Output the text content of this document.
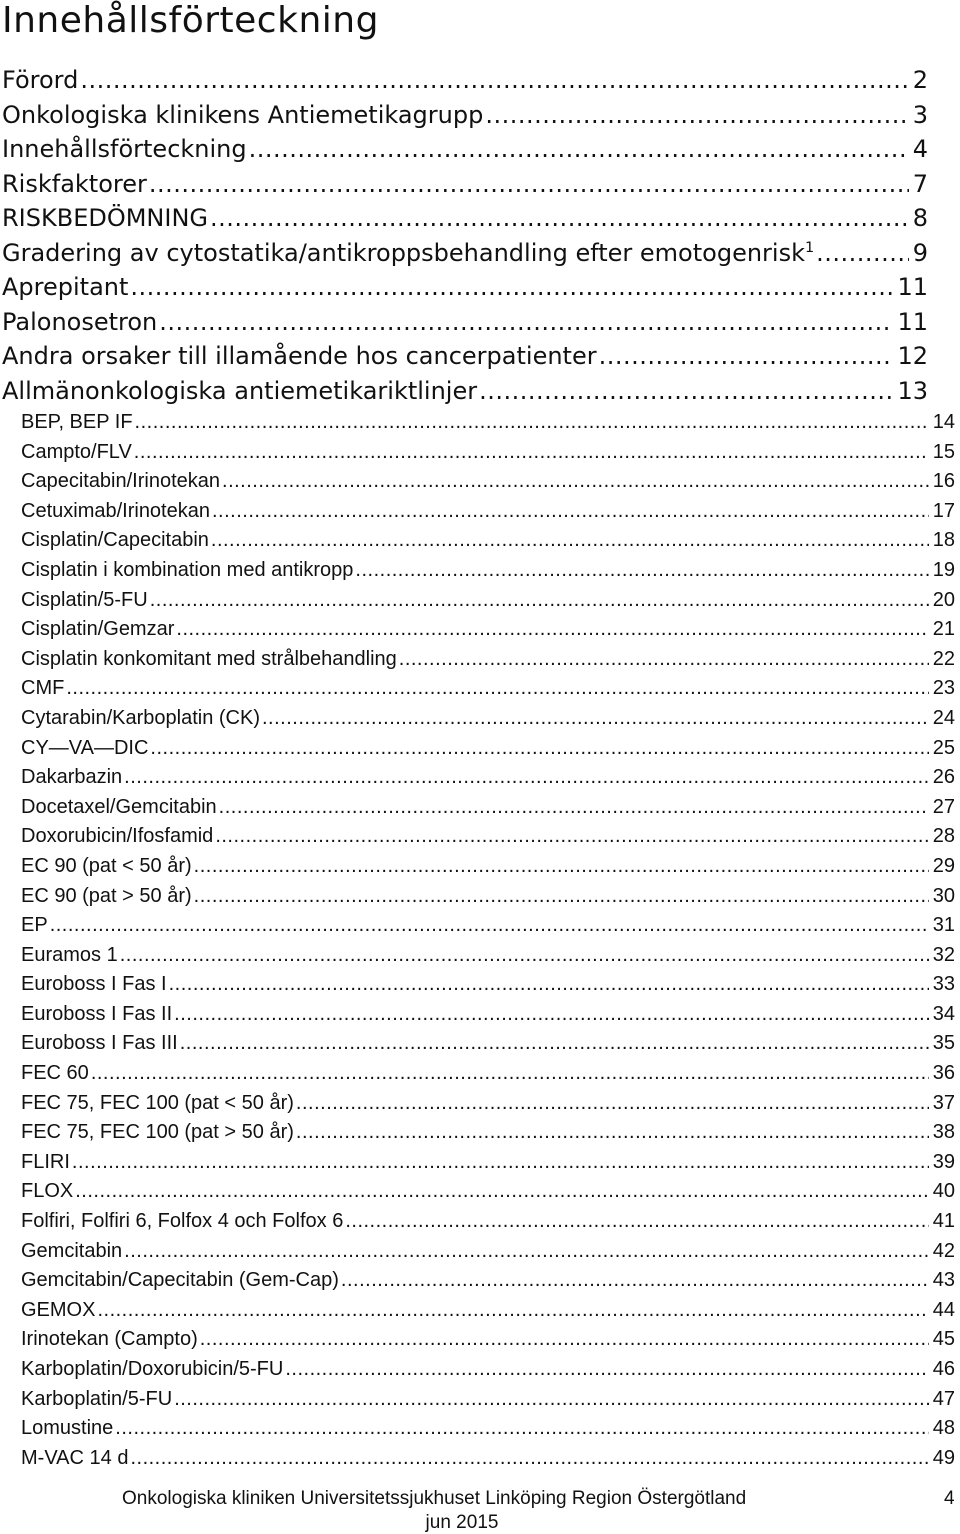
Innehållsförteckning
Förord .....	2
Onkologiska klinikens Antiemetikagrupp .....	3
Innehållsförteckning .....	4
Riskfaktorer .....	7
RISKBEDÖMNING .....	8
Gradering av cytostatika/antikroppsbehandling efter emotogenrisk$^1$ .....	9
Aprepitant .....	11
Palonosetron .....	11
Andra orsaker till illamående hos cancerpatienter .....	12
Allmänonkologiska antiemetikariktlinjer .....	13
BEP, BEP IF .....	14
Campto/FLV .....	15
Capecitabin/Irinotekan .....	16
Cetuximab/Irinotekan .....	17
Cisplatin/Capecitabin .....	18
Cisplatin i kombination med antikropp .....	19
Cisplatin/5-FU .....	20
Cisplatin/Gemzar .....	21
Cisplatin konkomitant med strålbehandling .....	22
CMF .....	23
Cytarabin/Karboplatin (CK) .....	24
CY—VA—DIC .....	25
Dakarbazin .....	26
Docetaxel/Gemcitabin .....	27
Doxorubicin/Ifosfamid .....	28
EC 90 (pat < 50 år) .....	29
EC 90 (pat > 50 år) .....	30
EP .....	31
Euramos 1 .....	32
Euroboss I Fas I .....	33
Euroboss I Fas II .....	34
Euroboss I Fas III .....	35
FEC 60 .....	36
FEC 75, FEC 100 (pat < 50 år) .....	37
FEC 75, FEC 100 (pat > 50 år) .....	38
FLIRI .....	39
FLOX .....	40
Folfiri, Folfiri 6, Folfox 4 och Folfox 6 .....	41
Gemcitabin .....	42
Gemcitabin/Capecitabin (Gem-Cap) .....	43
GEMOX .....	44
Irinotekan (Campto) .....	45
Karboplatin/Doxorubicin/5-FU .....	46
Karboplatin/5-FU .....	47
Lomustine .....	48
M-VAC 14 d .....	49
Onkologiska kliniken Universitetssjukhuset Linköping Region Östergötland	4
jun 2015
